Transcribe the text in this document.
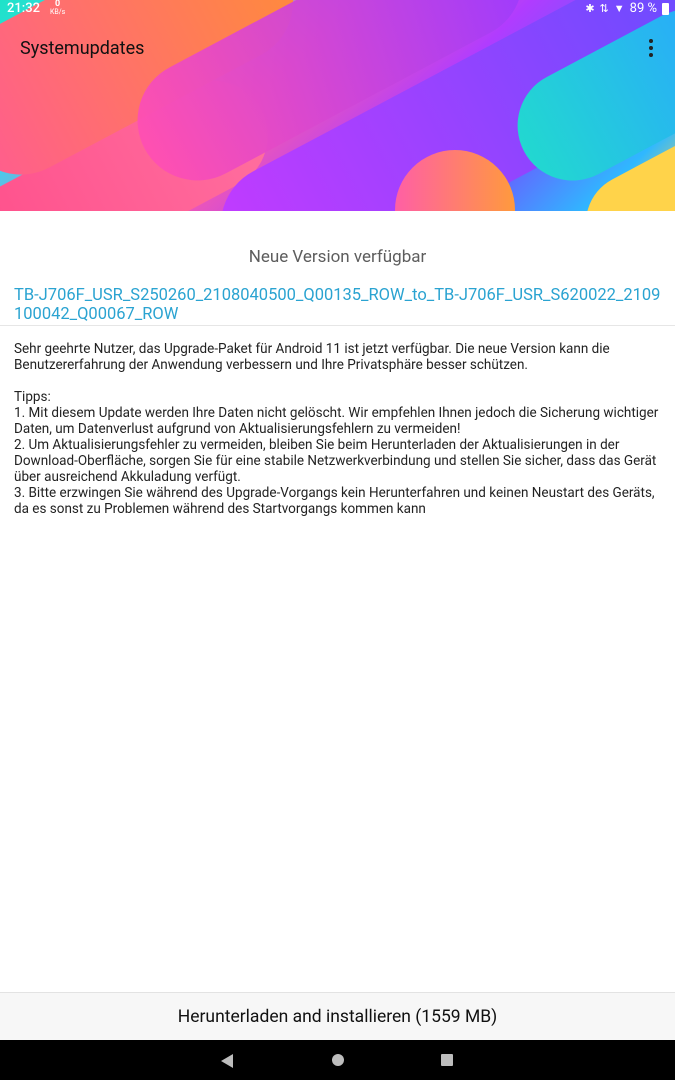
21:32	0
KB/s	✱ ⇅ ▼ 89 %
Systemupdates
Neue Version verfügbar
TB-J706F_USR_S250260_2108040500_Q00135_ROW_to_TB-J706F_USR_S620022_2109100042_Q00067_ROW

Sehr geehrte Nutzer, das Upgrade-Paket für Android 11 ist jetzt verfügbar. Die neue Version kann die Benutzererfahrung der Anwendung verbessern und Ihre Privatsphäre besser schützen.

Tipps:

1. Mit diesem Update werden Ihre Daten nicht gelöscht. Wir empfehlen Ihnen jedoch die Sicherung wichtiger Daten, um Datenverlust aufgrund von Aktualisierungsfehlern zu vermeiden!

2. Um Aktualisierungsfehler zu vermeiden, bleiben Sie beim Herunterladen der Aktualisierungen in der Download-Oberfläche, sorgen Sie für eine stabile Netzwerkverbindung und stellen Sie sicher, dass das Gerät über ausreichend Akkuladung verfügt.

3. Bitte erzwingen Sie während des Upgrade-Vorgangs kein Herunterfahren und keinen Neustart des Geräts, da es sonst zu Problemen während des Startvorgangs kommen kann

Herunterladen and installieren (1559 MB)
